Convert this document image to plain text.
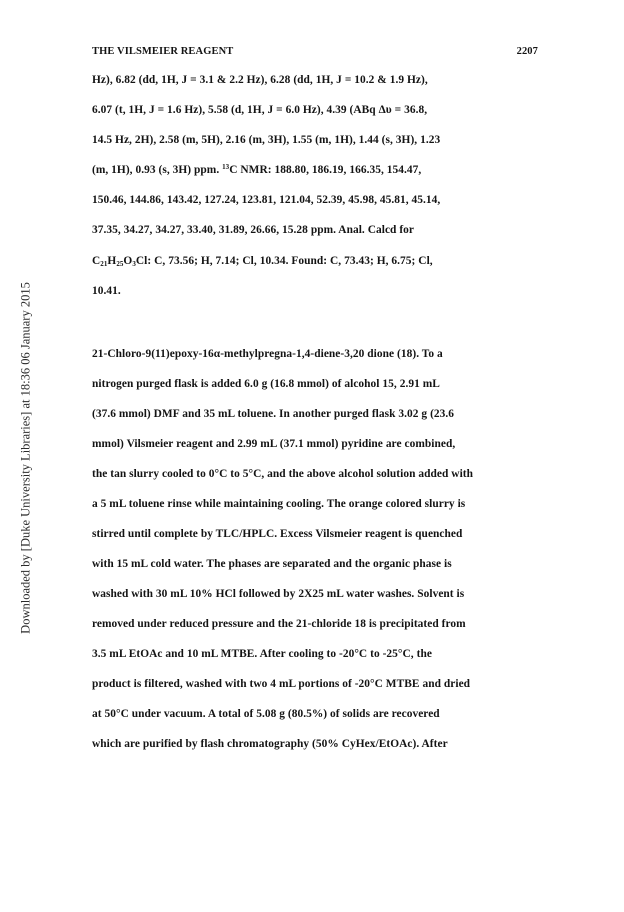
Downloaded by [Duke University Libraries] at 18:36 06 January 2015
THE VILSMEIER REAGENT	2207
Hz), 6.82 (dd, 1H, J = 3.1 & 2.2 Hz), 6.28 (dd, 1H, J = 10.2 & 1.9 Hz),
6.07 (t, 1H, J = 1.6 Hz), 5.58 (d, 1H, J = 6.0 Hz), 4.39 (ABq Δυ = 36.8,
14.5 Hz, 2H), 2.58 (m, 5H), 2.16 (m, 3H), 1.55 (m, 1H), 1.44 (s, 3H), 1.23
(m, 1H), 0.93 (s, 3H) ppm. $^{13}$C NMR: 188.80, 186.19, 166.35, 154.47,
150.46, 144.86, 143.42, 127.24, 123.81, 121.04, 52.39, 45.98, 45.81, 45.14,
37.35, 34.27, 34.27, 33.40, 31.89, 26.66, 15.28 ppm. Anal. Calcd for
$C_{21}H_{25}O_3Cl$: C, 73.56; H, 7.14; Cl, 10.34. Found: C, 73.43; H, 6.75; Cl,
10.41.
21-Chloro-9(11)epoxy-16α-methylpregna-1,4-diene-3,20 dione (18). To a
nitrogen purged flask is added 6.0 g (16.8 mmol) of alcohol 15, 2.91 mL
(37.6 mmol) DMF and 35 mL toluene. In another purged flask 3.02 g (23.6
mmol) Vilsmeier reagent and 2.99 mL (37.1 mmol) pyridine are combined,
the tan slurry cooled to 0°C to 5°C, and the above alcohol solution added with
a 5 mL toluene rinse while maintaining cooling. The orange colored slurry is
stirred until complete by TLC/HPLC. Excess Vilsmeier reagent is quenched
with 15 mL cold water. The phases are separated and the organic phase is
washed with 30 mL 10% HCl followed by 2X25 mL water washes. Solvent is
removed under reduced pressure and the 21-chloride 18 is precipitated from
3.5 mL EtOAc and 10 mL MTBE. After cooling to -20°C to -25°C, the
product is filtered, washed with two 4 mL portions of -20°C MTBE and dried
at 50°C under vacuum. A total of 5.08 g (80.5%) of solids are recovered
which are purified by flash chromatography (50% CyHex/EtOAc). After
